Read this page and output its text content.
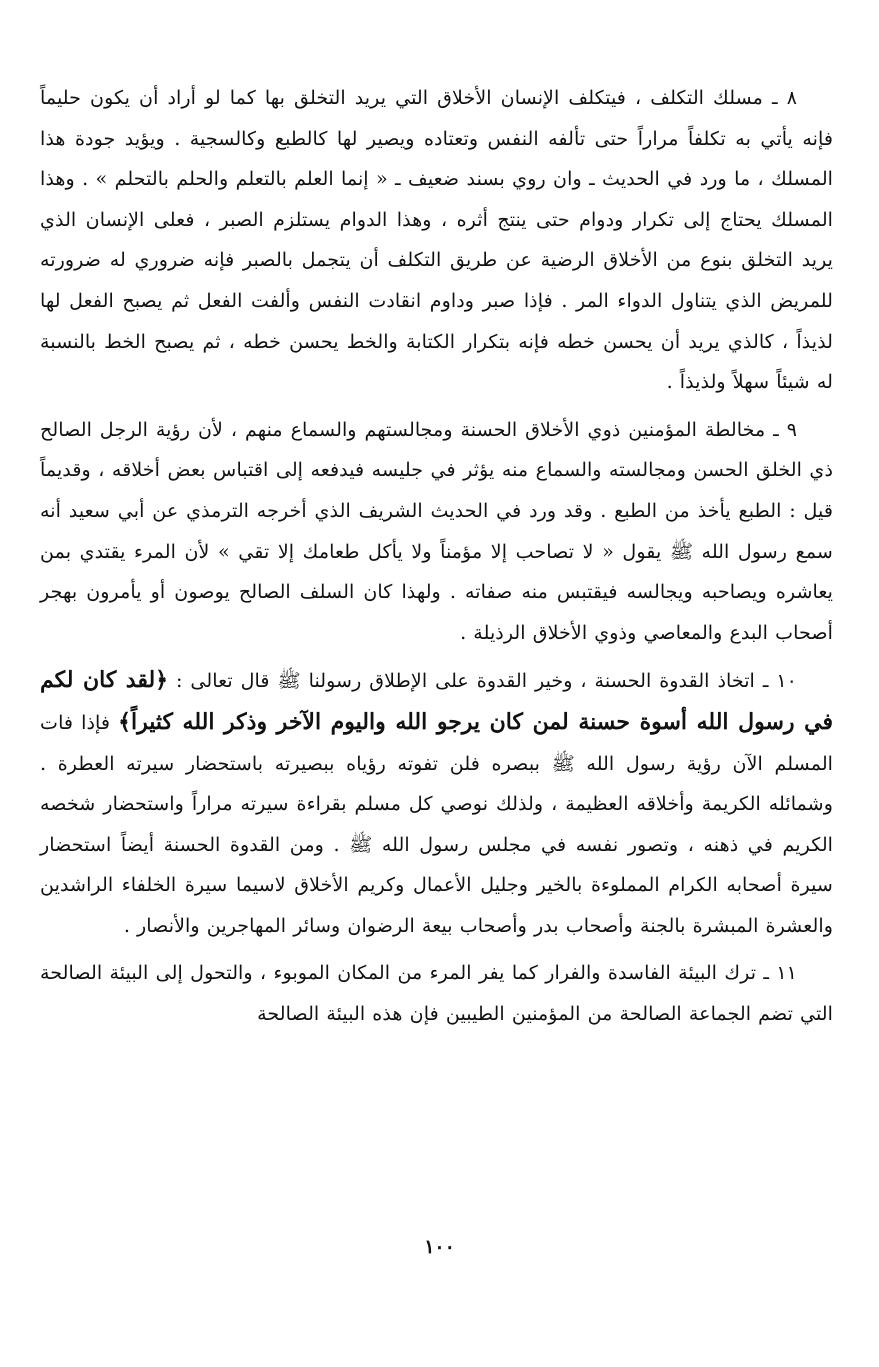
٨ ـ مسلك التكلف ، فيتكلف الإنسان الأخلاق التي يريد التخلق بها كما لو أراد أن يكون حليماً فإنه يأتي به تكلفاً مراراً حتى تألفه النفس وتعتاده ويصير لها كالطبع وكالسجية . ويؤيد جودة هذا المسلك ، ما ورد في الحديث ـ وان روي بسند ضعيف ـ « إنما العلم بالتعلم والحلم بالتحلم » . وهذا المسلك يحتاج إلى تكرار ودوام حتى ينتج أثره ، وهذا الدوام يستلزم الصبر ، فعلى الإنسان الذي يريد التخلق بنوع من الأخلاق الرضية عن طريق التكلف أن يتجمل بالصبر فإنه ضروري له ضرورته للمريض الذي يتناول الدواء المر . فإذا صبر وداوم انقادت النفس وألفت الفعل ثم يصبح الفعل لها لذيذاً ، كالذي يريد أن يحسن خطه فإنه بتكرار الكتابة والخط يحسن خطه ، ثم يصبح الخط بالنسبة له شيئاً سهلاً ولذيذاً .

٩ ـ مخالطة المؤمنين ذوي الأخلاق الحسنة ومجالستهم والسماع منهم ، لأن رؤية الرجل الصالح ذي الخلق الحسن ومجالسته والسماع منه يؤثر في جليسه فيدفعه إلى اقتباس بعض أخلاقه ، وقديماً قيل : الطبع يأخذ من الطبع . وقد ورد في الحديث الشريف الذي أخرجه الترمذي عن أبي سعيد أنه سمع رسول الله ﷺ يقول « لا تصاحب إلا مؤمناً ولا يأكل طعامك إلا تقي » لأن المرء يقتدي بمن يعاشره ويصاحبه ويجالسه فيقتبس منه صفاته . ولهذا كان السلف الصالح يوصون أو يأمرون بهجر أصحاب البدع والمعاصي وذوي الأخلاق الرذيلة .

١٠ ـ اتخاذ القدوة الحسنة ، وخير القدوة على الإطلاق رسولنا ﷺ قال تعالى : ﴿لقد كان لكم في رسول الله أسوة حسنة لمن كان يرجو الله واليوم الآخر وذكر الله كثيراً﴾ فإذا فات المسلم الآن رؤية رسول الله ﷺ ببصره فلن تفوته رؤياه ببصيرته باستحضار سيرته العطرة . وشمائله الكريمة وأخلاقه العظيمة ، ولذلك نوصي كل مسلم بقراءة سيرته مراراً واستحضار شخصه الكريم في ذهنه ، وتصور نفسه في مجلس رسول الله ﷺ . ومن القدوة الحسنة أيضاً استحضار سيرة أصحابه الكرام المملوءة بالخير وجليل الأعمال وكريم الأخلاق لاسيما سيرة الخلفاء الراشدين والعشرة المبشرة بالجنة وأصحاب بدر وأصحاب بيعة الرضوان وسائر المهاجرين والأنصار .

١١ ـ ترك البيئة الفاسدة والفرار كما يفر المرء من المكان الموبوء ، والتحول إلى البيئة الصالحة التي تضم الجماعة الصالحة من المؤمنين الطيبين فإن هذه البيئة الصالحة

١٠٠
